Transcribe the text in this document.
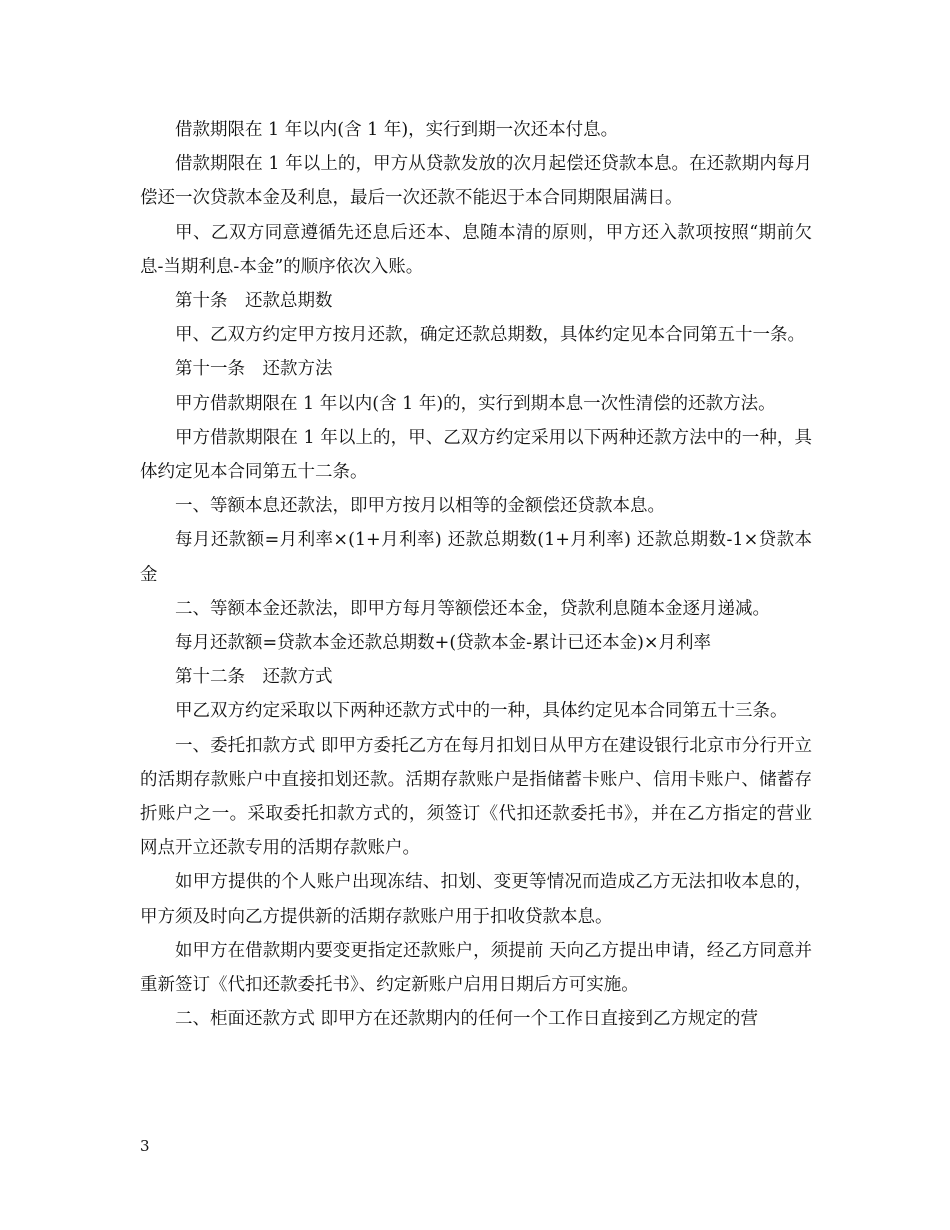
借款期限在 1 年以内(含 1 年)，实行到期一次还本付息。

借款期限在 1 年以上的，甲方从贷款发放的次月起偿还贷款本息。在还款期内每月偿还一次贷款本金及利息，最后一次还款不能迟于本合同期限届满日。

甲、乙双方同意遵循先还息后还本、息随本清的原则，甲方还入款项按照“期前欠息-当期利息-本金”的顺序依次入账。

第十条　还款总期数

甲、乙双方约定甲方按月还款，确定还款总期数，具体约定见本合同第五十一条。

第十一条　还款方法

甲方借款期限在 1 年以内(含 1 年)的，实行到期本息一次性清偿的还款方法。

甲方借款期限在 1 年以上的，甲、乙双方约定采用以下两种还款方法中的一种，具体约定见本合同第五十二条。

一、等额本息还款法，即甲方按月以相等的金额偿还贷款本息。

每月还款额=月利率×(1+月利率) 还款总期数(1+月利率) 还款总期数-1×贷款本金

二、等额本金还款法，即甲方每月等额偿还本金，贷款利息随本金逐月递减。

每月还款额=贷款本金还款总期数+(贷款本金-累计已还本金)×月利率

第十二条　还款方式

甲乙双方约定采取以下两种还款方式中的一种，具体约定见本合同第五十三条。

一、委托扣款方式 即甲方委托乙方在每月扣划日从甲方在建设银行北京市分行开立的活期存款账户中直接扣划还款。活期存款账户是指储蓄卡账户、信用卡账户、储蓄存折账户之一。采取委托扣款方式的，须签订《代扣还款委托书》，并在乙方指定的营业网点开立还款专用的活期存款账户。

如甲方提供的个人账户出现冻结、扣划、变更等情况而造成乙方无法扣收本息的，甲方须及时向乙方提供新的活期存款账户用于扣收贷款本息。

如甲方在借款期内要变更指定还款账户，须提前 天向乙方提出申请，经乙方同意并重新签订《代扣还款委托书》、约定新账户启用日期后方可实施。

二、柜面还款方式 即甲方在还款期内的任何一个工作日直接到乙方规定的营

3
